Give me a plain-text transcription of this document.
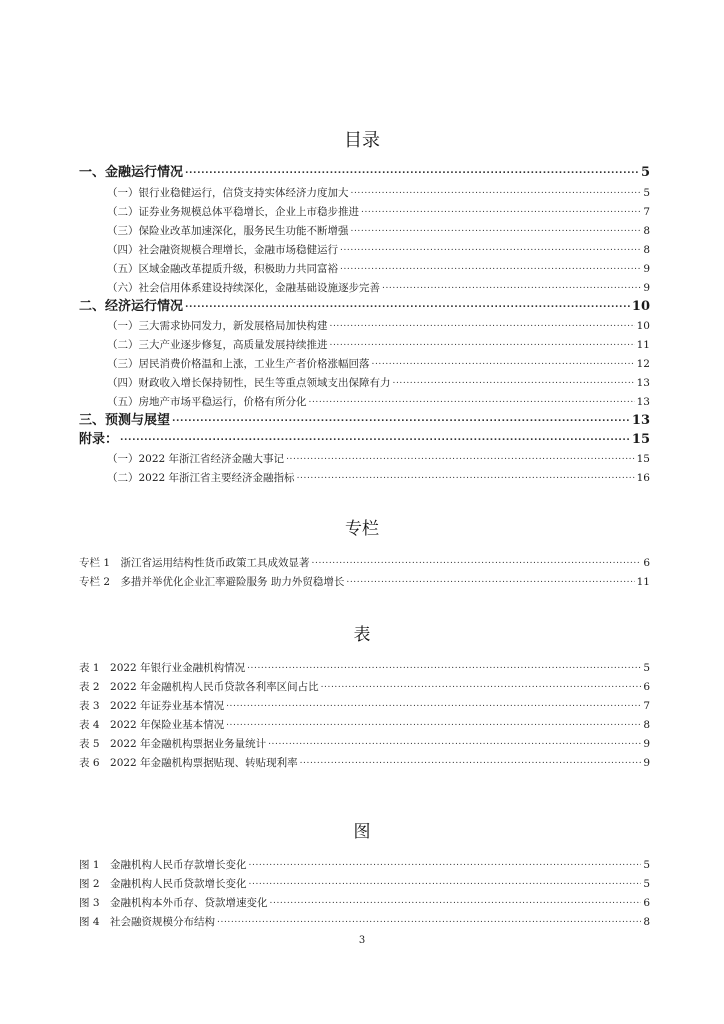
目录
一、金融运行情况 .....	5
（一）银行业稳健运行，信贷支持实体经济力度加大 .....	5
（二）证券业务规模总体平稳增长，企业上市稳步推进 .....	7
（三）保险业改革加速深化，服务民生功能不断增强 .....	8
（四）社会融资规模合理增长，金融市场稳健运行 .....	8
（五）区域金融改革提质升级，积极助力共同富裕 .....	9
（六）社会信用体系建设持续深化，金融基础设施逐步完善 .....	9
二、经济运行情况 .....	10
（一）三大需求协同发力，新发展格局加快构建 .....	10
（二）三大产业逐步修复，高质量发展持续推进 .....	11
（三）居民消费价格温和上涨，工业生产者价格涨幅回落 .....	12
（四）财政收入增长保持韧性，民生等重点领域支出保障有力 .....	13
（五）房地产市场平稳运行，价格有所分化 .....	13
三、预测与展望 .....	13
附录： .....	15
（一）2022 年浙江省经济金融大事记 .....	15
（二）2022 年浙江省主要经济金融指标 .....	16
专栏
专栏 1　浙江省运用结构性货币政策工具成效显著 .....	6
专栏 2　多措并举优化企业汇率避险服务 助力外贸稳增长 .....	11
表
表 1　2022 年银行业金融机构情况 .....	5
表 2　2022 年金融机构人民币贷款各利率区间占比 .....	6
表 3　2022 年证券业基本情况 .....	7
表 4　2022 年保险业基本情况 .....	8
表 5　2022 年金融机构票据业务量统计 .....	9
表 6　2022 年金融机构票据贴现、转贴现利率 .....	9
图
图 1　金融机构人民币存款增长变化 .....	5
图 2　金融机构人民币贷款增长变化 .....	5
图 3　金融机构本外币存、贷款增速变化 .....	6
图 4　社会融资规模分布结构 .....	8
3
